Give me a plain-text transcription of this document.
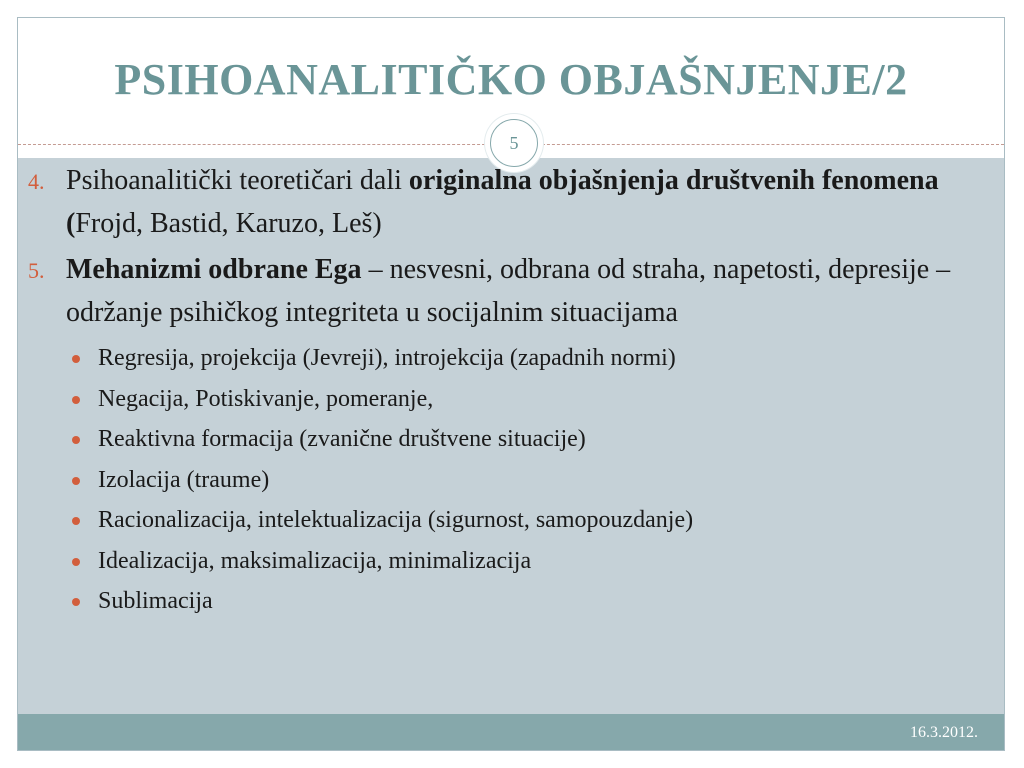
PSIHOANALITIČKO OBJAŠNJENJE/2
16.3.2012.
5

4. Psihoanalitički teoretičari dali originalna objašnjenja društvenih fenomena (Frojd, Bastid, Karuzo, Leš)

5. Mehanizmi odbrane Ega – nesvesni, odbrana od straha, napetosti, depresije – održanje psihičkog integriteta u socijalnim situacijama

Regresija, projekcija (Jevreji), introjekcija (zapadnih normi)
Negacija, Potiskivanje, pomeranje,
Reaktivna formacija (zvanične društvene situacije)
Izolacija (traume)
Racionalizacija, intelektualizacija (sigurnost, samopouzdanje)
Idealizacija, maksimalizacija, minimalizacija
Sublimacija
